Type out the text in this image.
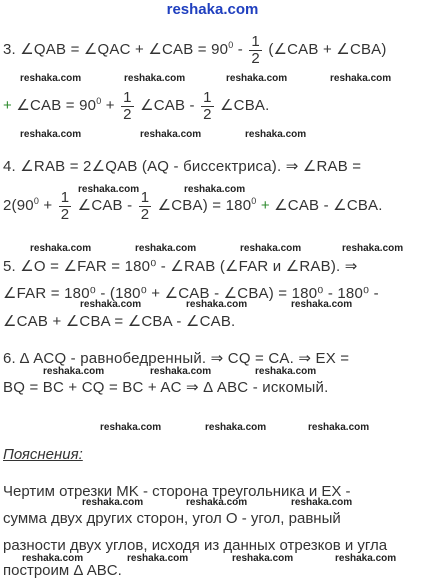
reshaka.com
3. ∠QAB = ∠QAC + ∠CAB = $90^0 - \frac{1}{2}$ (∠CAB + ∠CBA)
+ ∠CAB = $90^0 + \frac{1}{2}$ ∠CAB - $\frac{1}{2}$ ∠CBA.
4. ∠RAB = 2∠QAB (AQ - биссектриса). ⇒ ∠RAB =
$2(90^0 + \frac{1}{2}$ ∠CAB - $\frac{1}{2}$ ∠CBA) = $180^0$ + ∠CAB - ∠CBA.
5. ∠O = ∠FAR = 180⁰ - ∠RAB (∠FAR и ∠RAB). ⇒
∠FAR = 180⁰ - (180⁰ + ∠CAB - ∠CBA) = 180⁰ - 180⁰ -
∠CAB + ∠CBA = ∠CBA - ∠CAB.
6. Δ ACQ - равнобедренный. ⇒ CQ = CA. ⇒ EX =
BQ = BC + CQ = BC + AC ⇒ Δ ABC - искомый.
Пояснения:
Чертим отрезки MK - сторона треугольника и EX -
сумма двух других сторон, угол O - угол, равный
разности двух углов, исходя из данных отрезков и угла
построим Δ ABC.
reshaka.com	reshaka.com	reshaka.com	reshaka.com
reshaka.com	reshaka.com	reshaka.com
reshaka.com	reshaka.com
reshaka.com	reshaka.com	reshaka.com	reshaka.com
reshaka.com	reshaka.com	reshaka.com
reshaka.com	reshaka.com	reshaka.com
reshaka.com	reshaka.com	reshaka.com
reshaka.com	reshaka.com	reshaka.com
reshaka.com	reshaka.com	reshaka.com	reshaka.com
